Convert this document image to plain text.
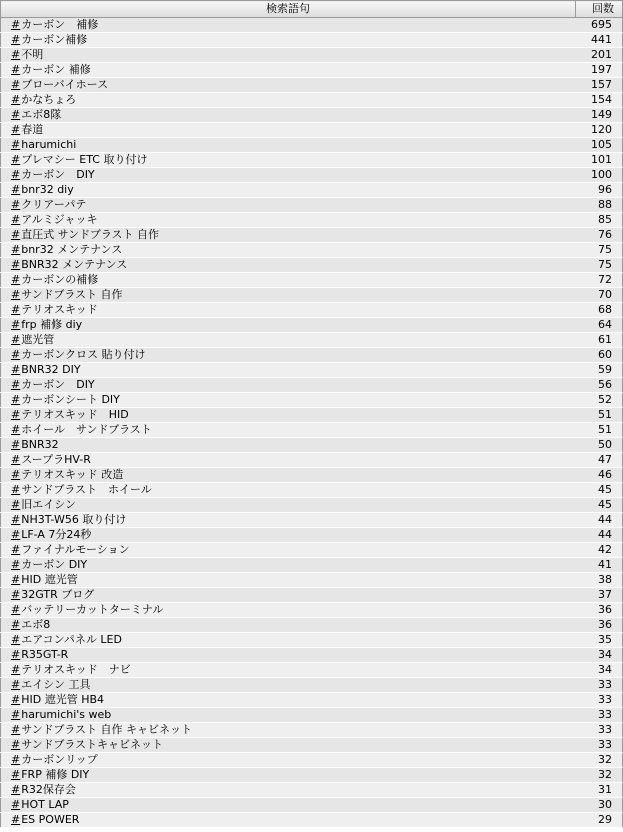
検索語句	回数
#カーボン　補修	695
#カーボン補修	441
#不明	201
#カーボン 補修	197
#ブローバイホース	157
#かなちょろ	154
#エボ8隊	149
#春道	120
#harumichi	105
#プレマシー ETC 取り付け	101
#カーボン　DIY	100
#bnr32 diy	96
#クリアーパテ	88
#アルミジャッキ	85
#直圧式 サンドブラスト 自作	76
#bnr32 メンテナンス	75
#BNR32 メンテナンス	75
#カーボンの補修	72
#サンドブラスト 自作	70
#テリオスキッド	68
#frp 補修 diy	64
#遮光管	61
#カーボンクロス 貼り付け	60
#BNR32 DIY	59
#カーボン　DIY	56
#カーボンシート DIY	52
#テリオスキッド　HID	51
#ホイール　サンドブラスト	51
#BNR32	50
#スープラHV-R	47
#テリオスキッド 改造	46
#サンドブラスト　ホイール	45
#旧エイシン	45
#NH3T-W56 取り付け	44
#LF-A 7分24秒	44
#ファイナルモーション	42
#カーボン DIY	41
#HID 遮光管	38
#32GTR ブログ	37
#バッテリーカットターミナル	36
#エボ8	36
#エアコンパネル LED	35
#R35GT-R	34
#テリオスキッド　ナビ	34
#エイシン 工具	33
#HID 遮光管 HB4	33
#harumichi's web	33
#サンドブラスト 自作 キャビネット	33
#サンドブラストキャビネット	33
#カーボンリップ	32
#FRP 補修 DIY	32
#R32保存会	31
#HOT LAP	30
#ES POWER	29
